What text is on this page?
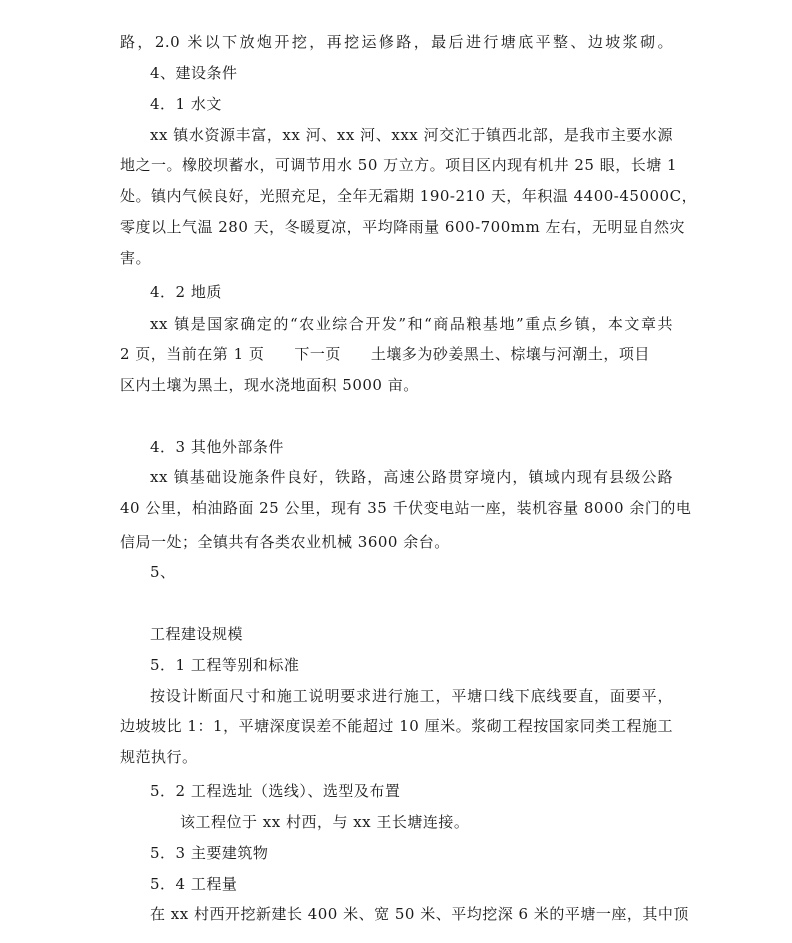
路，2.0 米以下放炮开挖，再挖运修路，最后进行塘底平整、边坡浆砌。
4、建设条件
4．1 水文
xx 镇水资源丰富，xx 河、xx 河、xxx 河交汇于镇西北部，是我市主要水源
地之一。橡胶坝蓄水，可调节用水 50 万立方。项目区内现有机井 25 眼，长塘 1
处。镇内气候良好，光照充足，全年无霜期 190-210 天，年积温 4400-45000C，
零度以上气温 280 天，冬暖夏凉，平均降雨量 600-700mm 左右，无明显自然灾
害。
4．2 地质
xx 镇是国家确定的“农业综合开发”和“商品粮基地”重点乡镇，本文章共
2 页，当前在第 1 页 下一页 土壤多为砂姜黑土、棕壤与河潮土，项目
区内土壤为黑土，现水浇地面积 5000 亩。
4．3 其他外部条件
xx 镇基础设施条件良好，铁路，高速公路贯穿境内，镇域内现有县级公路
40 公里，柏油路面 25 公里，现有 35 千伏变电站一座，装机容量 8000 余门的电
信局一处；全镇共有各类农业机械 3600 余台。
5、
工程建设规模
5．1 工程等别和标准
按设计断面尺寸和施工说明要求进行施工，平塘口线下底线要直，面要平，
边坡坡比 1：1，平塘深度误差不能超过 10 厘米。浆砌工程按国家同类工程施工
规范执行。
5．2 工程选址（选线）、选型及布置
该工程位于 xx 村西，与 xx 王长塘连接。
5．3 主要建筑物
5．4 工程量
在 xx 村西开挖新建长 400 米、宽 50 米、平均挖深 6 米的平塘一座，其中顶
